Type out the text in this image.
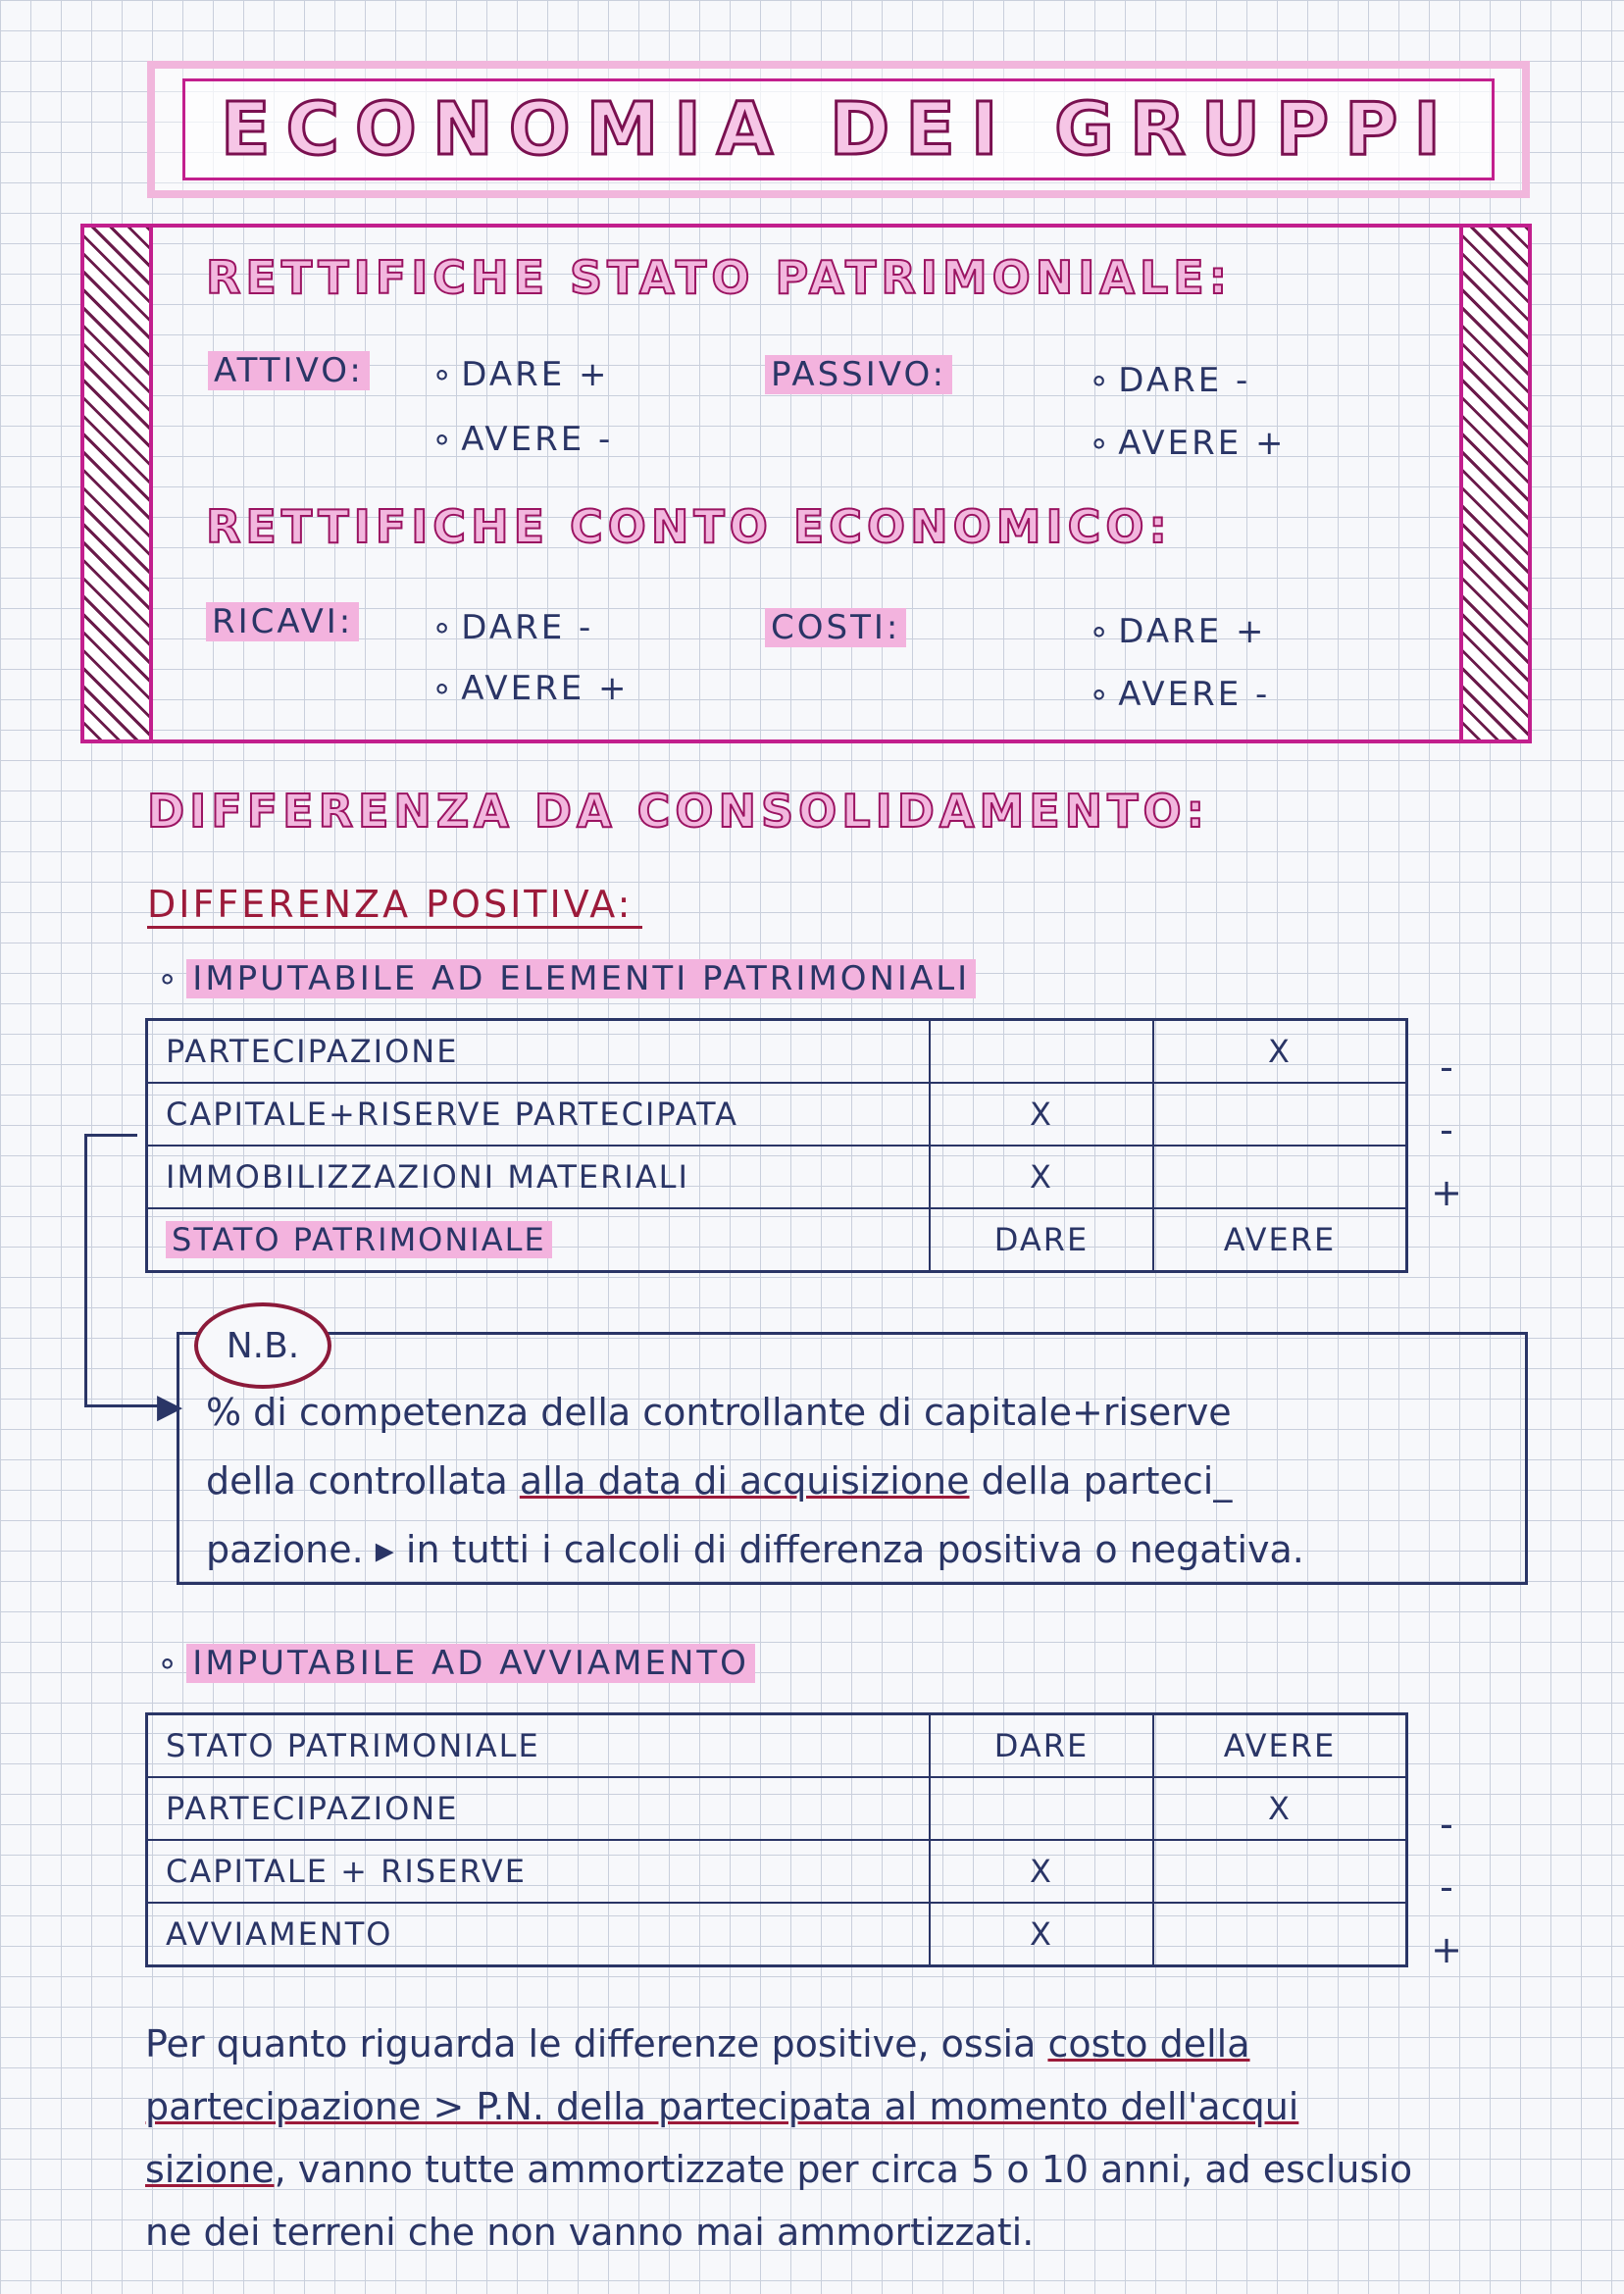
ECONOMIA DEI GRUPPI
RETTIFICHE STATO PATRIMONIALE:
ATTIVO:	∘ DARE +
∘ AVERE -
PASSIVO:	∘ DARE -
∘ AVERE +
RETTIFICHE CONTO ECONOMICO:
RICAVI:	∘ DARE -
∘ AVERE +
COSTI:	∘ DARE +
∘ AVERE -
DIFFERENZA DA CONSOLIDAMENTO:
DIFFERENZA POSITIVA:
∘ IMPUTABILE AD ELEMENTI PATRIMONIALI
PARTECIPAZIONE		X
CAPITALE+RISERVE PARTECIPATA	X	
IMMOBILIZZAZIONI MATERIALI	X	
STATO PATRIMONIALE	DARE	AVERE
-
-
+
▶
N.B.
% di competenza della controllante di capitale+riserve
della controllata alla data di acquisizione della parteci_
pazione. ▸ in tutti i calcoli di differenza positiva o negativa.
∘ IMPUTABILE AD AVVIAMENTO
STATO PATRIMONIALE	DARE	AVERE
PARTECIPAZIONE		X
CAPITALE + RISERVE	X	
AVVIAMENTO	X	
-
-
+
Per quanto riguarda le differenze positive, ossia costo della
partecipazione > P.N. della partecipata al momento dell'acqui
sizione, vanno tutte ammortizzate per circa 5 o 10 anni, ad esclusio
ne dei terreni che non vanno mai ammortizzati.
